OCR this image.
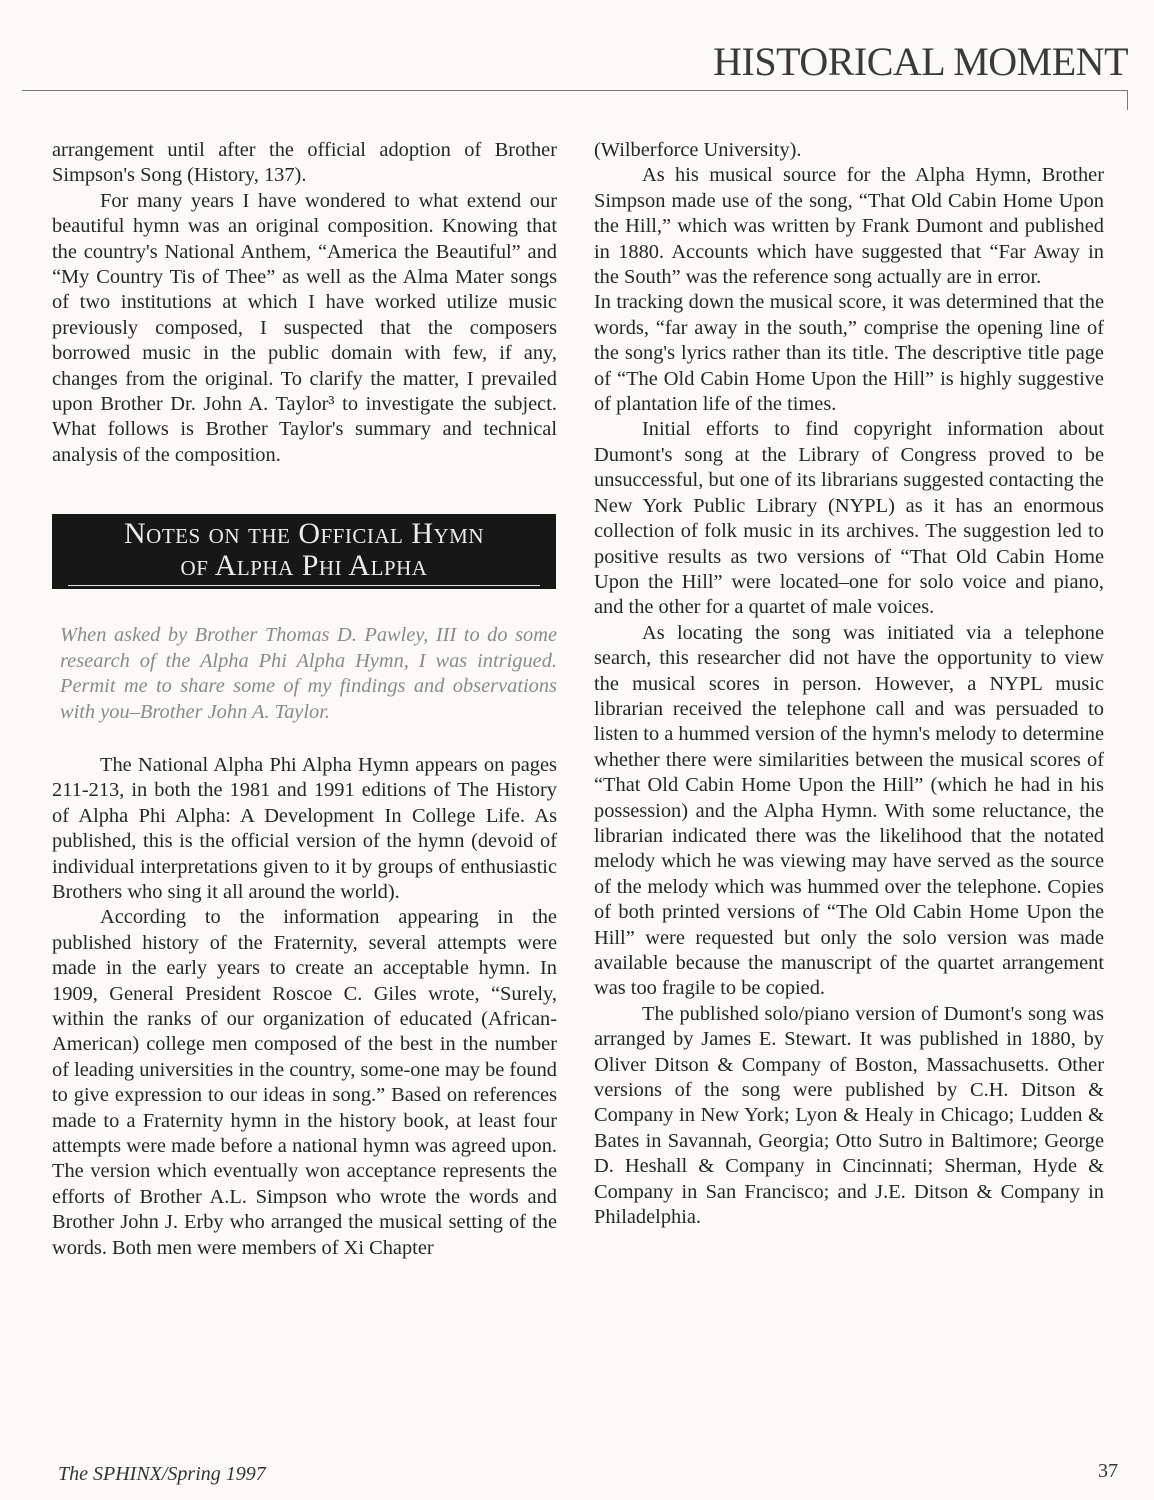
HISTORICAL MOMENT

arrangement until after the official adoption of Brother Simpson's Song (History, 137).

For many years I have wondered to what extend our beautiful hymn was an original composition. Knowing that the country's National Anthem, “America the Beautiful” and “My Country Tis of Thee” as well as the Alma Mater songs of two institutions at which I have worked utilize music previously composed, I suspected that the composers borrowed music in the public domain with few, if any, changes from the original. To clarify the matter, I prevailed upon Brother Dr. John A. Taylor³ to investigate the subject. What follows is Brother Taylor's summary and technical analysis of the composition.

Notes on the Official Hymn
of Alpha Phi Alpha

When asked by Brother Thomas D. Pawley, III to do some research of the Alpha Phi Alpha Hymn, I was intrigued. Permit me to share some of my findings and observations with you–Brother John A. Taylor.

The National Alpha Phi Alpha Hymn appears on pages 211-213, in both the 1981 and 1991 editions of The History of Alpha Phi Alpha: A Development In College Life. As published, this is the official version of the hymn (devoid of individual interpretations given to it by groups of enthusiastic Brothers who sing it all around the world).

According to the information appearing in the published history of the Fraternity, several attempts were made in the early years to create an acceptable hymn. In 1909, General President Roscoe C. Giles wrote, “Surely, within the ranks of our organization of educated (African-American) college men composed of the best in the number of leading universities in the country, some-one may be found to give expression to our ideas in song.” Based on references made to a Fraternity hymn in the history book, at least four attempts were made before a national hymn was agreed upon. The version which eventually won acceptance represents the efforts of Brother A.L. Simpson who wrote the words and Brother John J. Erby who arranged the musical setting of the words. Both men were members of Xi Chapter

(Wilberforce University).

As his musical source for the Alpha Hymn, Brother Simpson made use of the song, “That Old Cabin Home Upon the Hill,” which was written by Frank Dumont and published in 1880. Accounts which have suggested that “Far Away in the South” was the reference song actually are in error.

In tracking down the musical score, it was determined that the words, “far away in the south,” comprise the opening line of the song's lyrics rather than its title. The descriptive title page of “The Old Cabin Home Upon the Hill” is highly suggestive of plantation life of the times.

Initial efforts to find copyright information about Dumont's song at the Library of Congress proved to be unsuccessful, but one of its librarians suggested contacting the New York Public Library (NYPL) as it has an enormous collection of folk music in its archives. The suggestion led to positive results as two versions of “That Old Cabin Home Upon the Hill” were located–one for solo voice and piano, and the other for a quartet of male voices.

As locating the song was initiated via a telephone search, this researcher did not have the opportunity to view the musical scores in person. However, a NYPL music librarian received the telephone call and was persuaded to listen to a hummed version of the hymn's melody to determine whether there were similarities between the musical scores of “That Old Cabin Home Upon the Hill” (which he had in his possession) and the Alpha Hymn. With some reluctance, the librarian indicated there was the likelihood that the notated melody which he was viewing may have served as the source of the melody which was hummed over the telephone. Copies of both printed versions of “The Old Cabin Home Upon the Hill” were requested but only the solo version was made available because the manuscript of the quartet arrangement was too fragile to be copied.

The published solo/piano version of Dumont's song was arranged by James E. Stewart. It was published in 1880, by Oliver Ditson & Company of Boston, Massachusetts. Other versions of the song were published by C.H. Ditson & Company in New York; Lyon & Healy in Chicago; Ludden & Bates in Savannah, Georgia; Otto Sutro in Baltimore; George D. Heshall & Company in Cincinnati; Sherman, Hyde & Company in San Francisco; and J.E. Ditson & Company in Philadelphia.

The SPHINX/Spring 1997	37
